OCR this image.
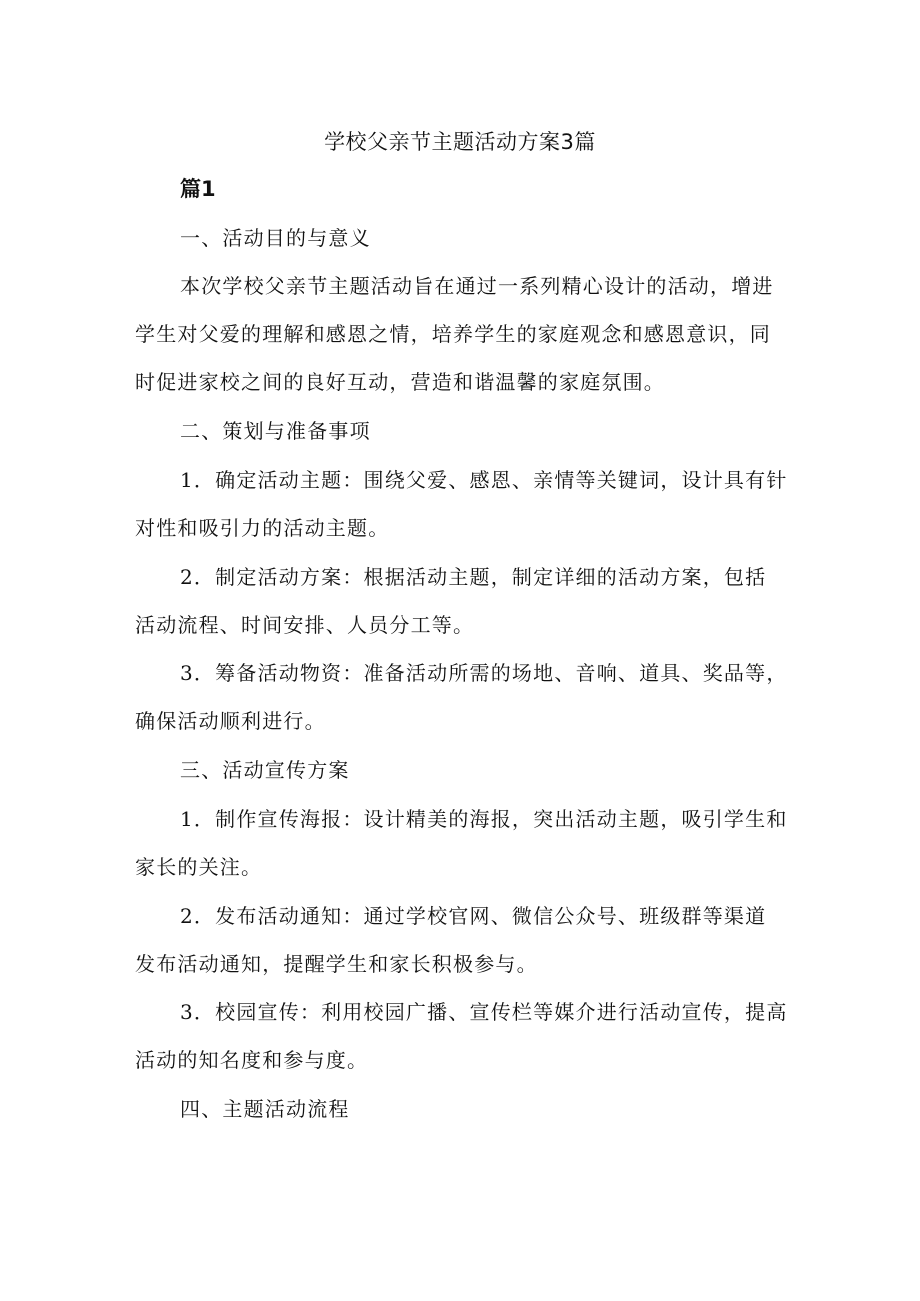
学校父亲节主题活动方案3篇
篇1
一、活动目的与意义
本次学校父亲节主题活动旨在通过一系列精心设计的活动，增进
学生对父爱的理解和感恩之情，培养学生的家庭观念和感恩意识，同
时促进家校之间的良好互动，营造和谐温馨的家庭氛围。
二、策划与准备事项
1．确定活动主题：围绕父爱、感恩、亲情等关键词，设计具有针
对性和吸引力的活动主题。
2．制定活动方案：根据活动主题，制定详细的活动方案，包括
活动流程、时间安排、人员分工等。
3．筹备活动物资：准备活动所需的场地、音响、道具、奖品等，
确保活动顺利进行。
三、活动宣传方案
1．制作宣传海报：设计精美的海报，突出活动主题，吸引学生和
家长的关注。
2．发布活动通知：通过学校官网、微信公众号、班级群等渠道
发布活动通知，提醒学生和家长积极参与。
3．校园宣传：利用校园广播、宣传栏等媒介进行活动宣传，提高
活动的知名度和参与度。
四、主题活动流程
